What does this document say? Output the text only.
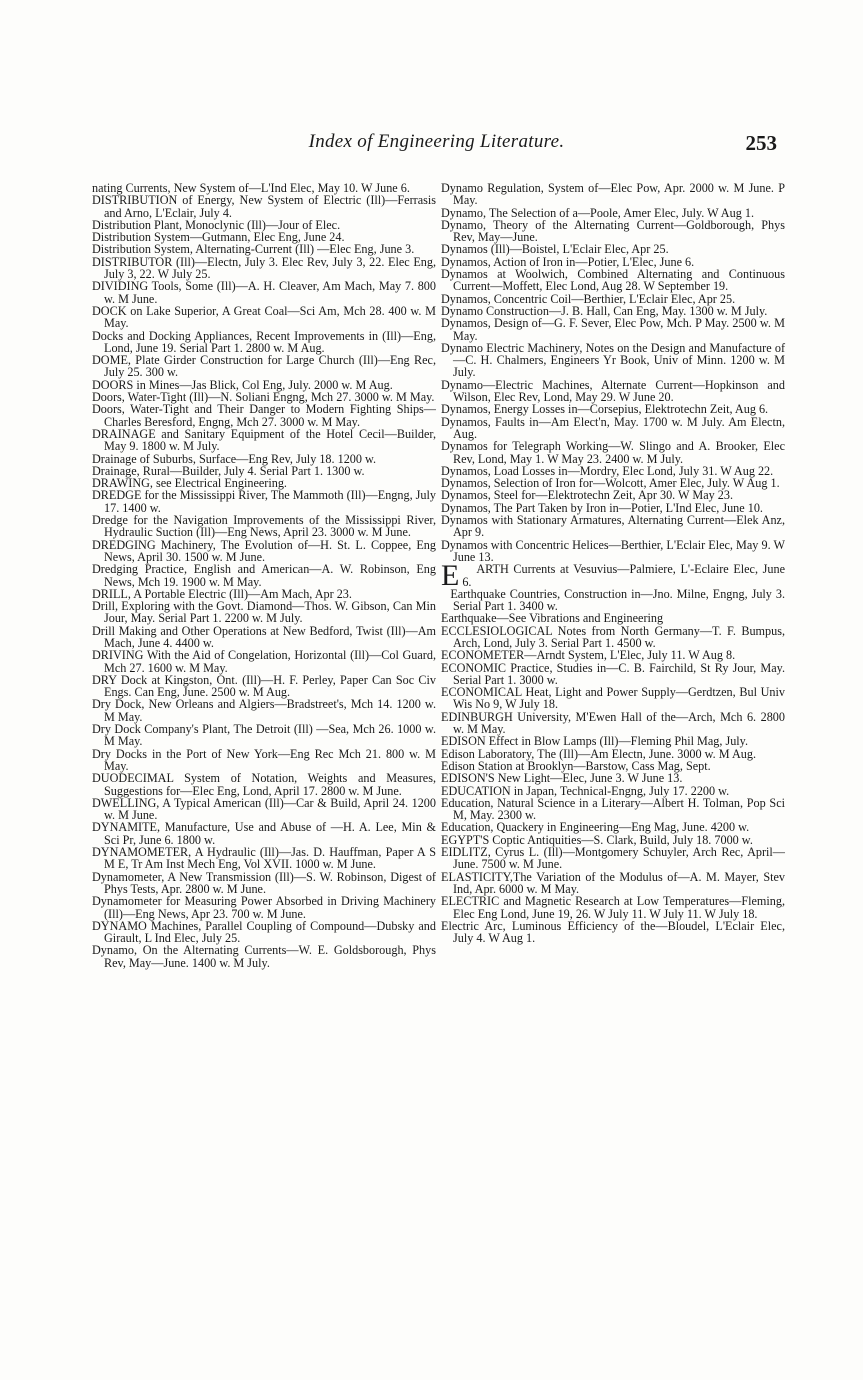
Index of Engineering Literature.	253

nating Currents, New System of—L'Ind Elec, May 10. W June 6.

DISTRIBUTION of Energy, New System of Electric (Ill)—Ferrasis and Arno, L'Eclair, July 4.

Distribution Plant, Monoclynic (Ill)—Jour of Elec.

Distribution System—Gutmann, Elec Eng, June 24.

Distribution System, Alternating-Current (Ill) —Elec Eng, June 3.

DISTRIBUTOR (Ill)—Electn, July 3. Elec Rev, July 3, 22. Elec Eng, July 3, 22. W July 25.

DIVIDING Tools, Some (Ill)—A. H. Cleaver, Am Mach, May 7. 800 w. M June.

DOCK on Lake Superior, A Great Coal—Sci Am, Mch 28. 400 w. M May.

Docks and Docking Appliances, Recent Improvements in (Ill)—Eng, Lond, June 19. Serial Part 1. 2800 w. M Aug.

DOME, Plate Girder Construction for Large Church (Ill)—Eng Rec, July 25. 300 w.

DOORS in Mines—Jas Blick, Col Eng, July. 2000 w. M Aug.

Doors, Water-Tight (Ill)—N. Soliani Engng, Mch 27. 3000 w. M May.

Doors, Water-Tight and Their Danger to Modern Fighting Ships—Charles Beresford, Engng, Mch 27. 3000 w. M May.

DRAINAGE and Sanitary Equipment of the Hotel Cecil—Builder, May 9. 1800 w. M July.

Drainage of Suburbs, Surface—Eng Rev, July 18. 1200 w.

Drainage, Rural—Builder, July 4. Serial Part 1. 1300 w.

DRAWING, see Electrical Engineering.

DREDGE for the Mississippi River, The Mammoth (Ill)—Engng, July 17. 1400 w.

Dredge for the Navigation Improvements of the Mississippi River, Hydraulic Suction (Ill)—Eng News, April 23. 3000 w. M June.

DREDGING Machinery, The Evolution of—H. St. L. Coppee, Eng News, April 30. 1500 w. M June.

Dredging Practice, English and American—A. W. Robinson, Eng News, Mch 19. 1900 w. M May.

DRILL, A Portable Electric (Ill)—Am Mach, Apr 23.

Drill, Exploring with the Govt. Diamond—Thos. W. Gibson, Can Min Jour, May. Serial Part 1. 2200 w. M July.

Drill Making and Other Operations at New Bedford, Twist (Ill)—Am Mach, June 4. 4400 w.

DRIVING With the Aid of Congelation, Horizontal (Ill)—Col Guard, Mch 27. 1600 w. M May.

DRY Dock at Kingston, Ont. (Ill)—H. F. Perley, Paper Can Soc Civ Engs. Can Eng, June. 2500 w. M Aug.

Dry Dock, New Orleans and Algiers—Bradstreet's, Mch 14. 1200 w. M May.

Dry Dock Company's Plant, The Detroit (Ill) —Sea, Mch 26. 1000 w. M May.

Dry Docks in the Port of New York—Eng Rec Mch 21. 800 w. M May.

DUODECIMAL System of Notation, Weights and Measures, Suggestions for—Elec Eng, Lond, April 17. 2800 w. M June.

DWELLING, A Typical American (Ill)—Car & Build, April 24. 1200 w. M June.

DYNAMITE, Manufacture, Use and Abuse of —H. A. Lee, Min & Sci Pr, June 6. 1800 w.

DYNAMOMETER, A Hydraulic (Ill)—Jas. D. Hauffman, Paper A S M E, Tr Am Inst Mech Eng, Vol XVII. 1000 w. M June.

Dynamometer, A New Transmission (Ill)—S. W. Robinson, Digest of Phys Tests, Apr. 2800 w. M June.

Dynamometer for Measuring Power Absorbed in Driving Machinery (Ill)—Eng News, Apr 23. 700 w. M June.

DYNAMO Machines, Parallel Coupling of Compound—Dubsky and Girault, L Ind Elec, July 25.

Dynamo, On the Alternating Currents—W. E. Goldsborough, Phys Rev, May—June. 1400 w. M July.

Dynamo Regulation, System of—Elec Pow, Apr. 2000 w. M June. P May.

Dynamo, The Selection of a—Poole, Amer Elec, July. W Aug 1.

Dynamo, Theory of the Alternating Current—Goldborough, Phys Rev, May—June.

Dynamos (Ill)—Boistel, L'Eclair Elec, Apr 25.

Dynamos, Action of Iron in—Potier, L'Elec, June 6.

Dynamos at Woolwich, Combined Alternating and Continuous Current—Moffett, Elec Lond, Aug 28. W September 19.

Dynamos, Concentric Coil—Berthier, L'Eclair Elec, Apr 25.

Dynamo Construction—J. B. Hall, Can Eng, May. 1300 w. M July.

Dynamos, Design of—G. F. Sever, Elec Pow, Mch. P May. 2500 w. M May.

Dynamo Electric Machinery, Notes on the Design and Manufacture of—C. H. Chalmers, Engineers Yr Book, Univ of Minn. 1200 w. M July.

Dynamo—Electric Machines, Alternate Current—Hopkinson and Wilson, Elec Rev, Lond, May 29. W June 20.

Dynamos, Energy Losses in—Corsepius, Elektrotechn Zeit, Aug 6.

Dynamos, Faults in—Am Elect'n, May. 1700 w. M July. Am Electn, Aug.

Dynamos for Telegraph Working—W. Slingo and A. Brooker, Elec Rev, Lond, May 1. W May 23. 2400 w. M July.

Dynamos, Load Losses in—Mordry, Elec Lond, July 31. W Aug 22.

Dynamos, Selection of Iron for—Wolcott, Amer Elec, July. W Aug 1.

Dynamos, Steel for—Elektrotechn Zeit, Apr 30. W May 23.

Dynamos, The Part Taken by Iron in—Potier, L'Ind Elec, June 10.

Dynamos with Stationary Armatures, Alternating Current—Elek Anz, Apr 9.

Dynamos with Concentric Helices—Berthier, L'Eclair Elec, May 9. W June 13.

E ARTH Currents at Vesuvius—Palmiere, L'-Eclaire Elec, June 6.

Earthquake Countries, Construction in—Jno. Milne, Engng, July 3. Serial Part 1. 3400 w.

Earthquake—See Vibrations and Engineering

ECCLESIOLOGICAL Notes from North Germany—T. F. Bumpus, Arch, Lond, July 3. Serial Part 1. 4500 w.

ECONOMETER—Arndt System, L'Elec, July 11. W Aug 8.

ECONOMIC Practice, Studies in—C. B. Fairchild, St Ry Jour, May. Serial Part 1. 3000 w.

ECONOMICAL Heat, Light and Power Supply—Gerdtzen, Bul Univ Wis No 9, W July 18.

EDINBURGH University, M'Ewen Hall of the—Arch, Mch 6. 2800 w. M May.

EDISON Effect in Blow Lamps (Ill)—Fleming Phil Mag, July.

Edison Laboratory, The (Ill)—Am Electn, June. 3000 w. M Aug.

Edison Station at Brooklyn—Barstow, Cass Mag, Sept.

EDISON'S New Light—Elec, June 3. W June 13.

EDUCATION in Japan, Technical-Engng, July 17. 2200 w.

Education, Natural Science in a Literary—Albert H. Tolman, Pop Sci M, May. 2300 w.

Education, Quackery in Engineering—Eng Mag, June. 4200 w.

EGYPT'S Coptic Antiquities—S. Clark, Build, July 18. 7000 w.

EIDLITZ, Cyrus L. (Ill)—Montgomery Schuyler, Arch Rec, April—June. 7500 w. M June.

ELASTICITY,The Variation of the Modulus of—A. M. Mayer, Stev Ind, Apr. 6000 w. M May.

ELECTRIC and Magnetic Research at Low Temperatures—Fleming, Elec Eng Lond, June 19, 26. W July 11. W July 11. W July 18.

Electric Arc, Luminous Efficiency of the—Bloudel, L'Eclair Elec, July 4. W Aug 1.
